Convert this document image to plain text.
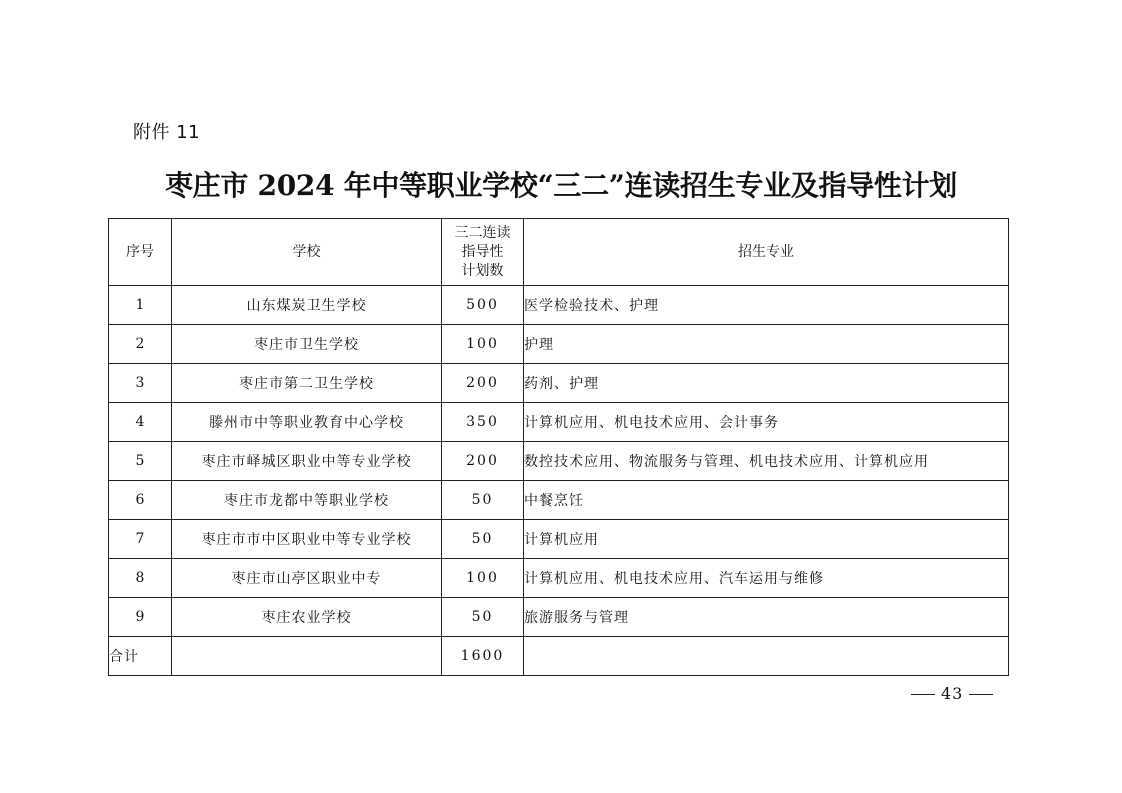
附件 11
枣庄市 2024 年中等职业学校“三二”连读招生专业及指导性计划
序号	学校	三二连读
指导性
计划数	招生专业
1	山东煤炭卫生学校	500	医学检验技术、护理
2	枣庄市卫生学校	100	护理
3	枣庄市第二卫生学校	200	药剂、护理
4	滕州市中等职业教育中心学校	350	计算机应用、机电技术应用、会计事务
5	枣庄市峄城区职业中等专业学校	200	数控技术应用、物流服务与管理、机电技术应用、计算机应用
6	枣庄市龙都中等职业学校	50	中餐烹饪
7	枣庄市市中区职业中等专业学校	50	计算机应用
8	枣庄市山亭区职业中专	100	计算机应用、机电技术应用、汽车运用与维修
9	枣庄农业学校	50	旅游服务与管理
合计		1600	
43
